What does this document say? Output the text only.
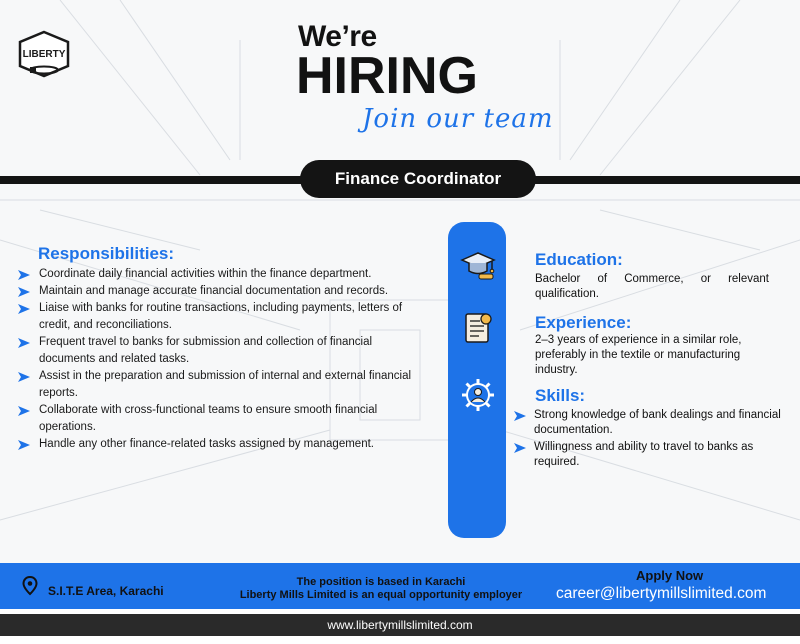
LIBERTY
We’re
HIRING
Join our team
Finance Coordinator
Responsibilities:
Coordinate daily financial activities within the finance department.
Maintain and manage accurate financial documentation and records.
Liaise with banks for routine transactions, including payments, letters of credit, and reconciliations.
Frequent travel to banks for submission and collection of financial documents and related tasks.
Assist in the preparation and submission of internal and external financial reports.
Collaborate with cross-functional teams to ensure smooth financial operations.
Handle any other finance-related tasks assigned by management.
Education:
Bachelor of Commerce, or relevant qualification.
Experience:
2–3 years of experience in a similar role, preferably in the textile or manufacturing industry.
Skills:
Strong knowledge of bank dealings and financial documentation.
Willingness and ability to travel to banks as required.
S.I.T.E Area, Karachi
The position is based in Karachi
Liberty Mills Limited is an equal opportunity employer
Apply Now
career@libertymillslimited.com
www.libertymillslimited.com
